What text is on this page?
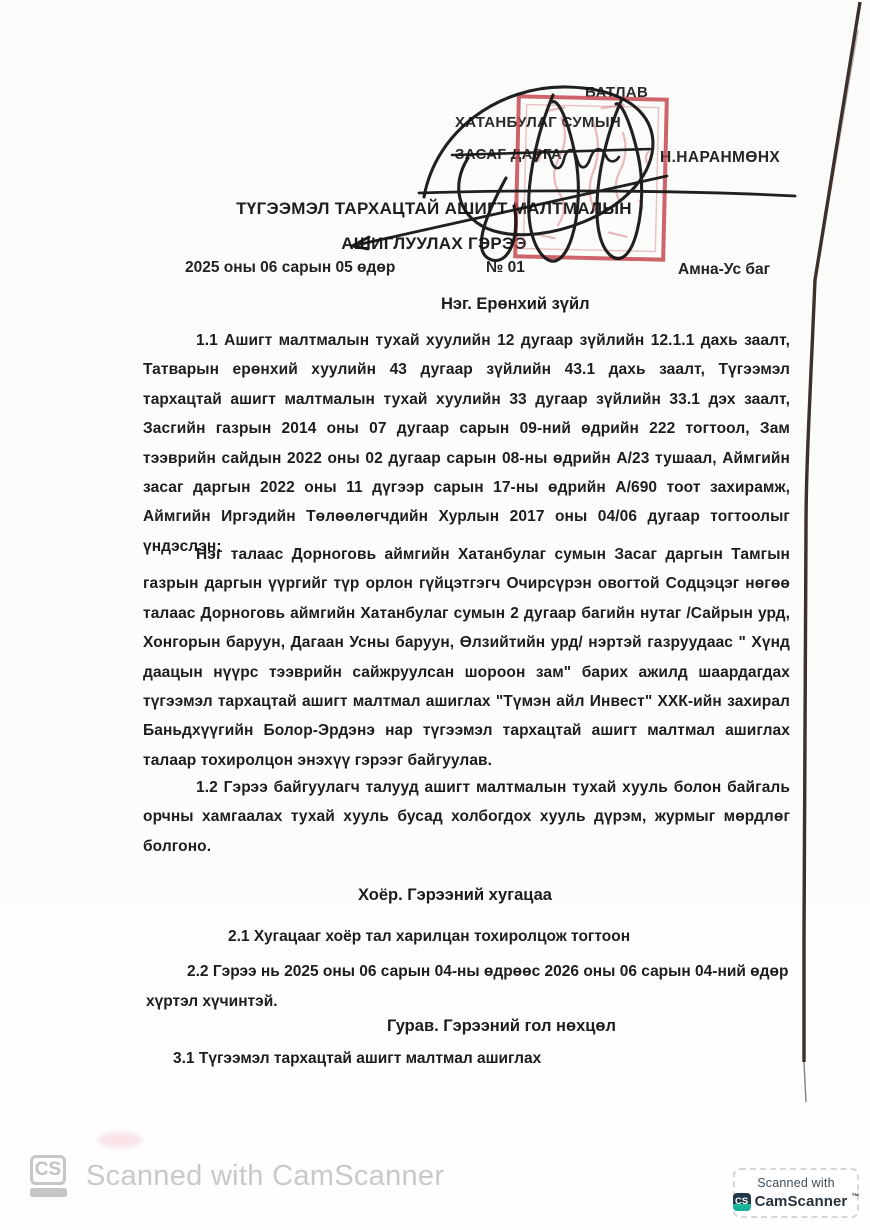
БАТЛАВ
ХАТАНБУЛАГ СУМЫН
ЗАСАГ ДАРГА	Н.НАРАНМӨНХ
ТҮГЭЭМЭЛ ТАРХАЦТАЙ АШИГТ МАЛТМАЛЫН
АШИГЛУУЛАХ ГЭРЭЭ
2025 оны 06 сарын 05 өдөр	№ 01	Амна-Ус баг
Нэг. Ерөнхий зүйл
1.1 Ашигт малтмалын тухай хуулийн 12 дугаар зүйлийн 12.1.1 дахь заалт, Татварын ерөнхий хуулийн 43 дугаар зүйлийн 43.1 дахь заалт, Түгээмэл тархацтай ашигт малтмалын тухай хуулийн 33 дугаар зүйлийн 33.1 дэх заалт, Засгийн газрын 2014 оны 07 дугаар сарын 09-ний өдрийн 222 тогтоол, Зам тээврийн сайдын 2022 оны 02 дугаар сарын 08-ны өдрийн А/23 тушаал, Аймгийн засаг даргын 2022 оны 11 дүгээр сарын 17-ны өдрийн А/690 тоот захирамж, Аймгийн Иргэдийн Төлөөлөгчдийн Хурлын 2017 оны 04/06 дугаар тогтоолыг үндэслэн:
Нэг талаас Дорноговь аймгийн Хатанбулаг сумын Засаг даргын Тамгын газрын даргын үүргийг түр орлон гүйцэтгэгч Очирсүрэн овогтой Содцэцэг нөгөө талаас Дорноговь аймгийн Хатанбулаг сумын 2 дугаар багийн нутаг /Сайрын урд, Хонгорын баруун, Дагаан Усны баруун, Өлзийтийн урд/ нэртэй газруудаас " Хүнд даацын нүүрс тээврийн сайжруулсан шороон зам" барих ажилд шаардагдах түгээмэл тархацтай ашигт малтмал ашиглах "Түмэн айл Инвест" ХХК-ийн захирал Баньдхүүгийн Болор-Эрдэнэ нар түгээмэл тархацтай ашигт малтмал ашиглах талаар тохиролцон энэхүү гэрээг байгуулав.
1.2 Гэрээ байгуулагч талууд ашигт малтмалын тухай хууль болон байгаль орчны хамгаалах тухай хууль бусад холбогдох хууль дүрэм, журмыг мөрдлөг болгоно.
Хоёр. Гэрээний хугацаа
2.1 Хугацааг хоёр тал харилцан тохиролцож тогтоон
2.2 Гэрээ нь 2025 оны 06 сарын 04-ны өдрөөс 2026 оны 06 сарын 04-ний өдөр хүртэл хүчинтэй.
Гурав. Гэрээний гол нөхцөл
3.1 Түгээмэл тархацтай ашигт малтмал ашиглах
CS Scanned with CamScanner	Scanned with
CS CamScanner ™
